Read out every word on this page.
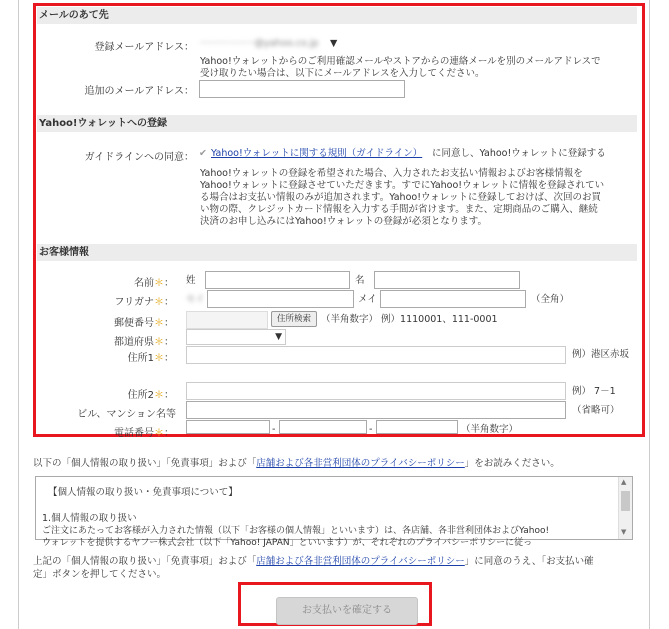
メールのあて先
登録メールアドレス： ··················@yahoo.co.jp ▼
Yahoo!ウォレットからのご利用確認メールやストアからの連絡メールを別のメールアドレスで
受け取りたい場合は、以下にメールアドレスを入力してください。
追加のメールアドレス：
Yahoo!ウォレットへの登録
ガイドラインへの同意： ✔ Yahoo!ウォレットに関する規則（ガイドライン） に同意し、Yahoo!ウォレットに登録する
Yahoo!ウォレットの登録を希望された場合、入力されたお支払い情報およびお客様情報を
Yahoo!ウォレットに登録させていただきます。すでにYahoo!ウォレットに情報を登録されてい
る場合はお支払い情報のみが追加されます。Yahoo!ウォレットに登録しておけば、次回のお買
い物の際、クレジットカード情報を入力する手間が省けます。また、定期商品のご購入、継続
決済のお申し込みにはYahoo!ウォレットの登録が必須となります。
お客様情報
名前＊： 姓	名
フリガナ＊： セイ	メイ	（全角）
郵便番号＊：	住所検索	（半角数字） 例）1110001、111-0001
都道府県＊：	▼
住所1＊：	例）港区赤坂
住所2＊：	例） 7－1
ビル、マンション名等	（省略可）
電話番号＊：	-	-	（半角数字）
以下の「個人情報の取り扱い」「免責事項」および「店舗および各非営利団体のプライバシーポリシー」をお読みください。
【個人情報の取り扱い・免責事項について】
1.個人情報の取り扱い
ご注文にあたってお客様が入力された情報（以下「お客様の個人情報」といいます）は、各店舗、各非営利団体およびYahoo!
ウォレットを提供するヤフー株式会社（以下「Yahoo! JAPAN」といいます）が、それぞれのプライバシーポリシーに従っ
▲
▼
上記の「個人情報の取り扱い」「免責事項」および「店舗および各非営利団体のプライバシーポリシー」に同意のうえ、「お支払い確
定」ボタンを押してください。
お支払いを確定する
